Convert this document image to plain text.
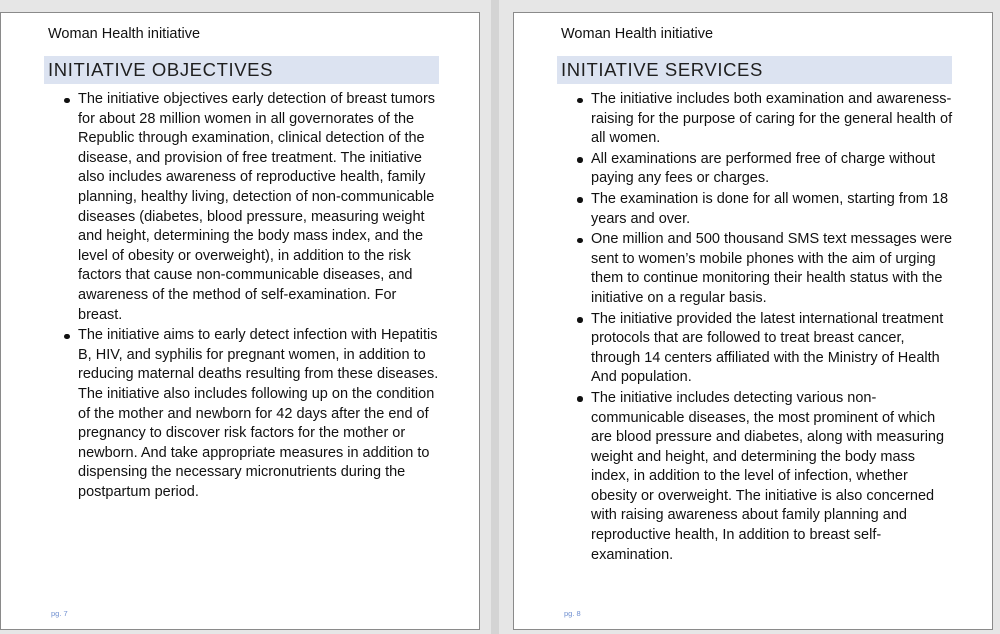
Woman Health initiative
INITIATIVE OBJECTIVES
The initiative objectives early detection of breast tumors for about 28 million women in all governorates of the Republic through examination, clinical detection of the disease, and provision of free treatment. The initiative also includes awareness of reproductive health, family planning, healthy living, detection of non-communicable diseases (diabetes, blood pressure, measuring weight and height, determining the body mass index, and the level of obesity or overweight), in addition to the risk factors that cause non-communicable diseases, and awareness of the method of self-examination. For breast.
The initiative aims to early detect infection with Hepatitis B, HIV, and syphilis for pregnant women, in addition to reducing maternal deaths resulting from these diseases. The initiative also includes following up on the condition of the mother and newborn for 42 days after the end of pregnancy to discover risk factors for the mother or newborn. And take appropriate measures in addition to dispensing the necessary micronutrients during the postpartum period.
pg. 7
Woman Health initiative
INITIATIVE SERVICES
The initiative includes both examination and awareness-raising for the purpose of caring for the general health of all women.
All examinations are performed free of charge without paying any fees or charges.
The examination is done for all women, starting from 18 years and over.
One million and 500 thousand SMS text messages were sent to women’s mobile phones with the aim of urging them to continue monitoring their health status with the initiative on a regular basis.
The initiative provided the latest international treatment protocols that are followed to treat breast cancer, through 14 centers affiliated with the Ministry of Health And population.
The initiative includes detecting various non-communicable diseases, the most prominent of which are blood pressure and diabetes, along with measuring weight and height, and determining the body mass index, in addition to the level of infection, whether obesity or overweight. The initiative is also concerned with raising awareness about family planning and reproductive health, In addition to breast self-examination.
pg. 8
